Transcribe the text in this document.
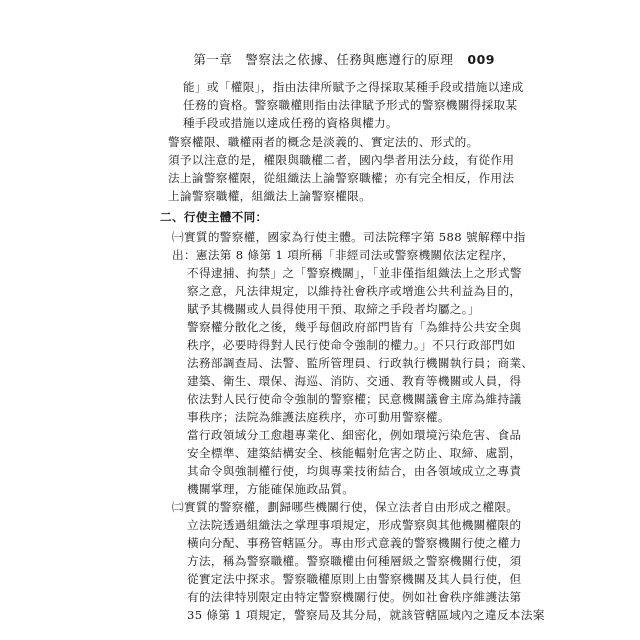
第一章　警察法之依據、任務與應遵行的原理 009
能」或「權限」，指由法律所賦予之得採取某種手段或措施以達成
任務的資格。警察職權則指由法律賦予形式的警察機關得採取某
種手段或措施以達成任務的資格與權力。
警察權限、職權兩者的概念是淡義的、實定法的、形式的。
須予以注意的是，權限與職權二者，國內學者用法分歧，有從作用
法上論警察權限，從組織法上論警察職權；亦有完全相反，作用法
上論警察職權，組織法上論警察權限。
二、行使主體不同：
㈠實質的警察權，國家為行使主體。司法院釋字第 588 號解釋中指
出：憲法第 8 條第 1 項所稱「非經司法或警察機關依法定程序，
不得逮捕、拘禁」之「警察機關」，「並非僅指組織法上之形式警
察之意，凡法律規定，以維持社會秩序或增進公共利益為目的，
賦予其機關或人員得使用干預、取締之手段者均屬之。」
警察權分散化之後，幾乎每個政府部門皆有「為維持公共安全與
秩序，必要時得對人民行使命令強制的權力。」不只行政部門如
法務部調查局、法警、監所管理員、行政執行機關執行員；商業、
建築、衛生、環保、海巡、消防、交通、教育等機關或人員，得
依法對人民行使命令強制的警察權；民意機關議會主席為維持議
事秩序；法院為維護法庭秩序，亦可動用警察權。
當行政領域分工愈趨專業化、細密化，例如環境污染危害、食品
安全標準、建築結構安全、核能輻射危害之防止、取締、處罰，
其命令與強制權行使，均與專業技術結合，由各領域成立之專責
機關掌理，方能確保施政品質。
㈡實質的警察權，劃歸哪些機關行使，保立法者自由形成之權限。
立法院透過組織法之掌理事項規定，形成警察與其他機關權限的
橫向分配、事務管轄區分。專由形式意義的警察機關行使之權力
方法，稱為警察職權。警察職權由何種層級之警察機關行使，須
從實定法中探求。警察職權原則上由警察機關及其人員行使，但
有的法律特別限定由特定警察機關行使。例如社會秩序維護法第
35 條第 1 項規定，警察局及其分局，就該管轄區域內之違反本法案
